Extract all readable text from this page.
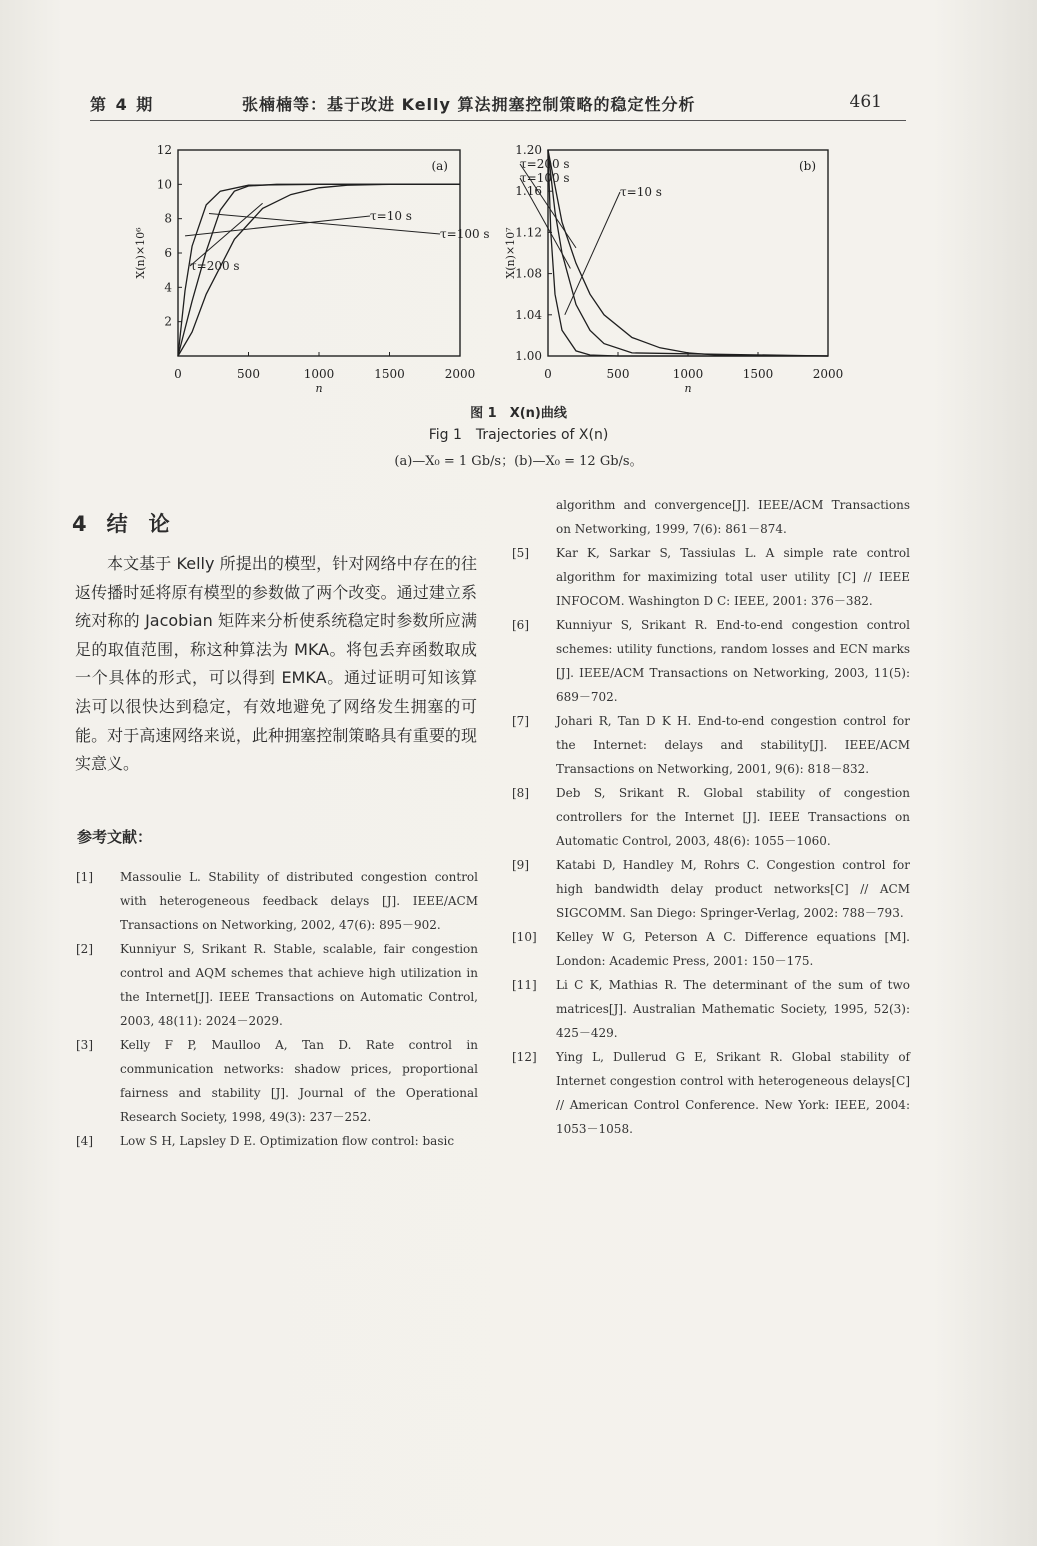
第 4 期	张楠楠等：基于改进 Kelly 算法拥塞控制策略的稳定性分析	461
0	500	1000	1500	2000
2
4
6
8
10
12
n
X(n)×10⁶
(a)
τ=10 s
τ=100 s
τ=200 s
0	500	1000	1500	2000
1.00
1.04
1.08
1.12
1.16
1.20
n
X(n)×10⁷
(b)
τ=200 s
τ=100 s
τ=10 s
图 1　X(n)曲线
Fig 1　Trajectories of X(n)
(a)—X₀ = 1 Gb/s；(b)—X₀ = 12 Gb/s。
4 结　论
本文基于 Kelly 所提出的模型，针对网络中存在的往返传播时延将原有模型的参数做了两个改变。通过建立系统对称的 Jacobian 矩阵来分析使系统稳定时参数所应满足的取值范围，称这种算法为 MKA。将包丢弃函数取成一个具体的形式，可以得到 EMKA。通过证明可知该算法可以很快达到稳定，有效地避免了网络发生拥塞的可能。对于高速网络来说，此种拥塞控制策略具有重要的现实意义。
参考文献：
[1] Massoulie L. Stability of distributed congestion control with heterogeneous feedback delays [J]. IEEE/ACM Transactions on Networking, 2002, 47(6): 895－902.
[2] Kunniyur S, Srikant R. Stable, scalable, fair congestion control and AQM schemes that achieve high utilization in the Internet[J]. IEEE Transactions on Automatic Control, 2003, 48(11): 2024－2029.
[3] Kelly F P, Maulloo A, Tan D. Rate control in communication networks: shadow prices, proportional fairness and stability [J]. Journal of the Operational Research Society, 1998, 49(3): 237－252.
[4] Low S H, Lapsley D E. Optimization flow control: basic
algorithm and convergence[J]. IEEE/ACM Transactions on Networking, 1999, 7(6): 861－874.
[5] Kar K, Sarkar S, Tassiulas L. A simple rate control algorithm for maximizing total user utility [C] // IEEE INFOCOM. Washington D C: IEEE, 2001: 376－382.
[6] Kunniyur S, Srikant R. End-to-end congestion control schemes: utility functions, random losses and ECN marks [J]. IEEE/ACM Transactions on Networking, 2003, 11(5): 689－702.
[7] Johari R, Tan D K H. End-to-end congestion control for the Internet: delays and stability[J]. IEEE/ACM Transactions on Networking, 2001, 9(6): 818－832.
[8] Deb S, Srikant R. Global stability of congestion controllers for the Internet [J]. IEEE Transactions on Automatic Control, 2003, 48(6): 1055－1060.
[9] Katabi D, Handley M, Rohrs C. Congestion control for high bandwidth delay product networks[C] // ACM SIGCOMM. San Diego: Springer-Verlag, 2002: 788－793.
[10] Kelley W G, Peterson A C. Difference equations [M]. London: Academic Press, 2001: 150－175.
[11] Li C K, Mathias R. The determinant of the sum of two matrices[J]. Australian Mathematic Society, 1995, 52(3): 425－429.
[12] Ying L, Dullerud G E, Srikant R. Global stability of Internet congestion control with heterogeneous delays[C] // American Control Conference. New York: IEEE, 2004: 1053－1058.
